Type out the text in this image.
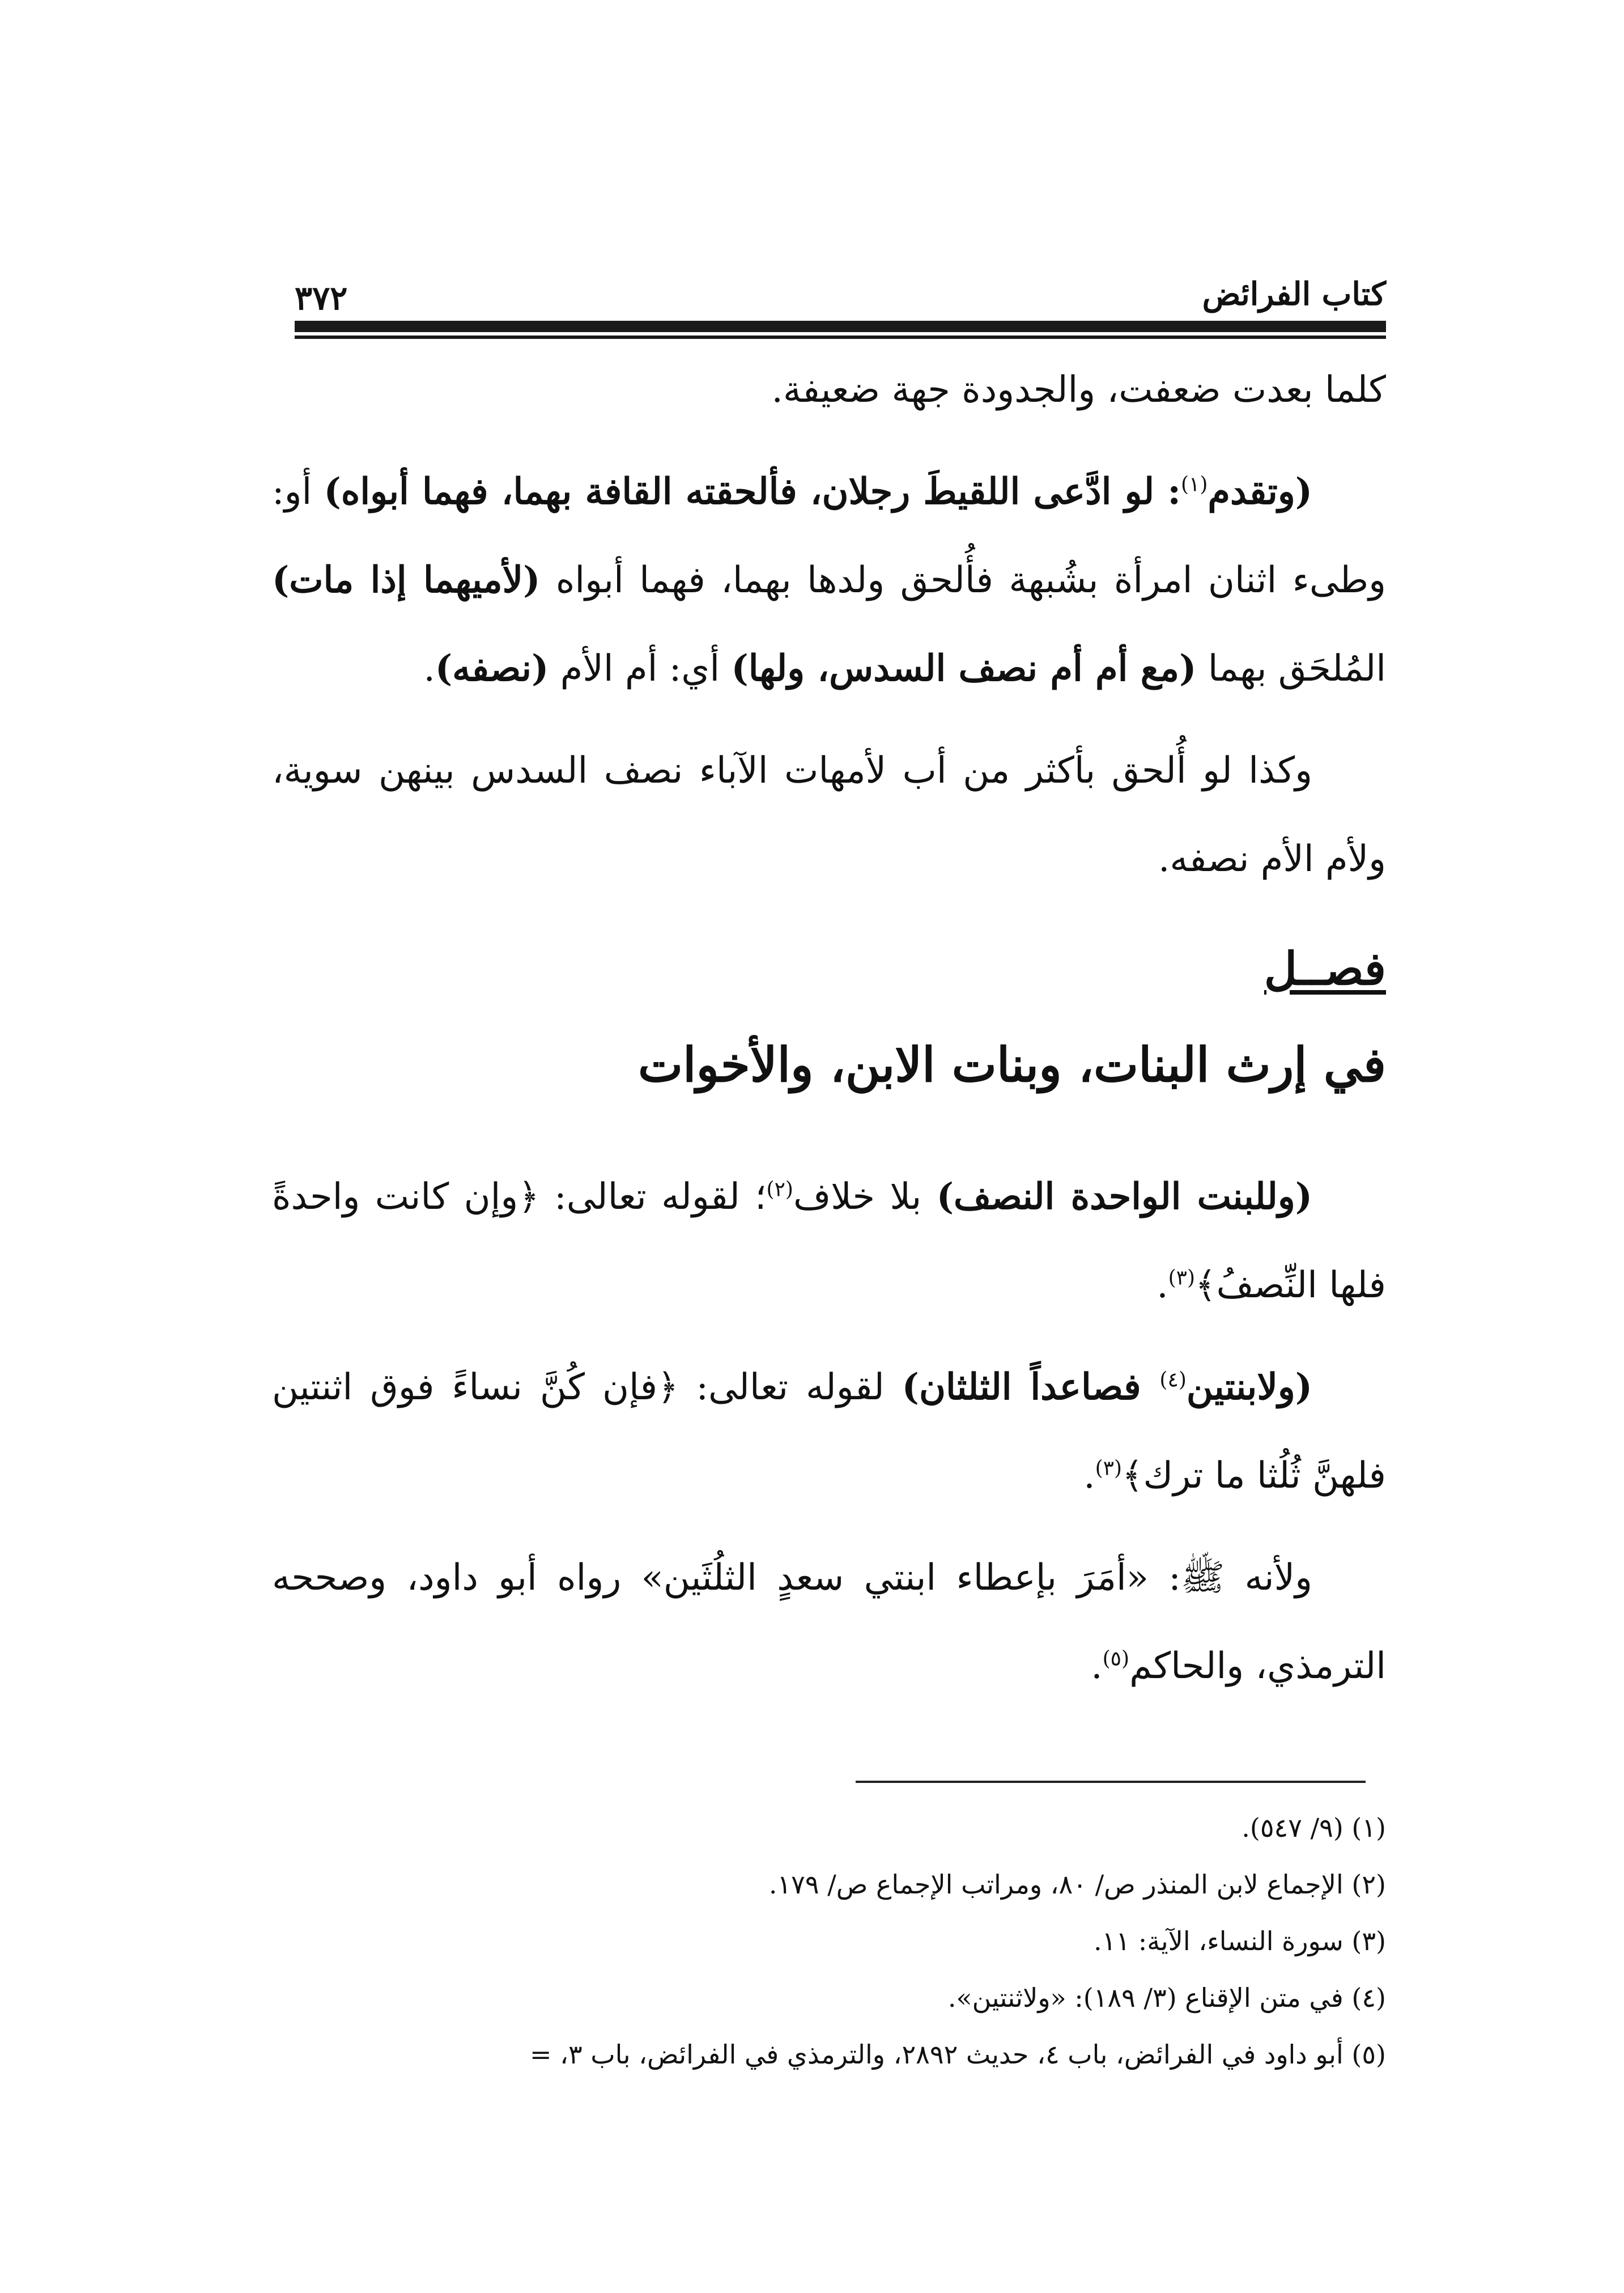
كتاب الفرائض
٣٧٢

كلما بعدت ضعفت، والجدودة جهة ضعيفة.

(وتقدم$^{(١)}$: لو ادَّعى اللقيطَ رجلان، فألحقته القافة بهما، فهما أبواه) أو: وطىء اثنان امرأة بشُبهة فأُلحق ولدها بهما، فهما أبواه (لأميهما إذا مات) المُلحَق بهما (مع أم أم نصف السدس، ولها) أي: أم الأم (نصفه).

وكذا لو أُلحق بأكثر من أب لأمهات الآباء نصف السدس بينهن سوية، ولأم الأم نصفه.

فصــل
في إرث البنات، وبنات الابن، والأخوات

(وللبنت الواحدة النصف) بلا خلاف$^{(٢)}$؛ لقوله تعالى: ﴿وإن كانت واحدةً فلها النِّصفُ﴾$^{(٣)}$.

(ولابنتين$^{(٤)}$ فصاعداً الثلثان) لقوله تعالى: ﴿فإن كُنَّ نساءً فوق اثنتين فلهنَّ ثُلُثا ما ترك﴾$^{(٣)}$.

ولأنه ﷺ: «أمَرَ بإعطاء ابنتي سعدٍ الثلُثَين» رواه أبو داود، وصححه الترمذي، والحاكم$^{(٥)}$.

(١) (٩/ ٥٤٧).

(٢) الإجماع لابن المنذر ص/ ٨٠، ومراتب الإجماع ص/ ١٧٩.

(٣) سورة النساء، الآية: ١١.

(٤) في متن الإقناع (٣/ ١٨٩): «ولاثنتين».

(٥) أبو داود في الفرائض، باب ٤، حديث ٢٨٩٢، والترمذي في الفرائض، باب ٣، =
